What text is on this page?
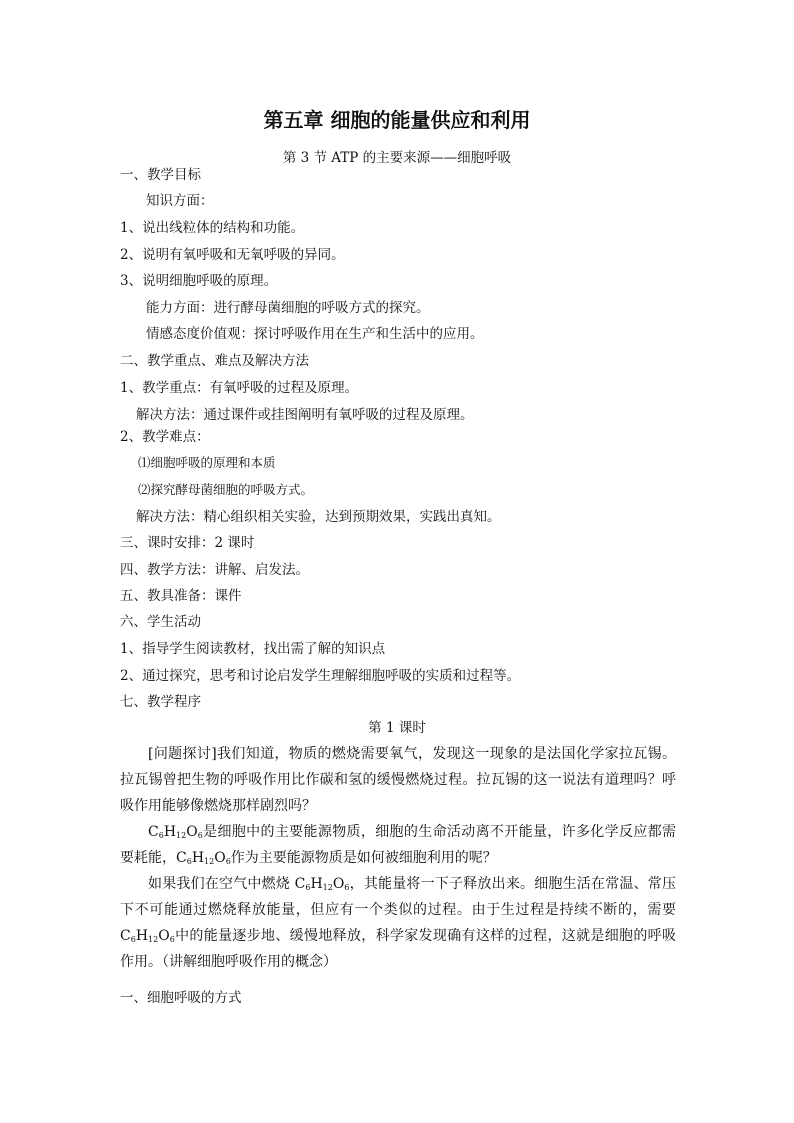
第五章 细胞的能量供应和利用
第 3 节 ATP 的主要来源——细胞呼吸
一、教学目标
知识方面：
1、说出线粒体的结构和功能。
2、说明有氧呼吸和无氧呼吸的异同。
3、说明细胞呼吸的原理。
能力方面：进行酵母菌细胞的呼吸方式的探究。
情感态度价值观：探讨呼吸作用在生产和生活中的应用。
二、教学重点、难点及解决方法
1、教学重点：有氧呼吸的过程及原理。
解决方法：通过课件或挂图阐明有氧呼吸的过程及原理。
2、教学难点：
⑴细胞呼吸的原理和本质
⑵探究酵母菌细胞的呼吸方式。
解决方法：精心组织相关实验，达到预期效果，实践出真知。
三、课时安排：2 课时
四、教学方法：讲解、启发法。
五、教具准备：课件
六、学生活动
1、指导学生阅读教材，找出需了解的知识点
2、通过探究，思考和讨论启发学生理解细胞呼吸的实质和过程等。
七、教学程序
第 1 课时

[问题探讨]我们知道，物质的燃烧需要氧气，发现这一现象的是法国化学家拉瓦锡。拉瓦锡曾把生物的呼吸作用比作碳和氢的缓慢燃烧过程。拉瓦锡的这一说法有道理吗？呼吸作用能够像燃烧那样剧烈吗？

$C_6H_{12}O_6$是细胞中的主要能源物质，细胞的生命活动离不开能量，许多化学反应都需要耗能，$C_6H_{12}O_6$作为主要能源物质是如何被细胞利用的呢？

如果我们在空气中燃烧 $C_6H_{12}O_6$，其能量将一下子释放出来。细胞生活在常温、常压下不可能通过燃烧释放能量，但应有一个类似的过程。由于生过程是持续不断的，需要 $C_6H_{12}O_6$中的能量逐步地、缓慢地释放，科学家发现确有这样的过程，这就是细胞的呼吸作用。（讲解细胞呼吸作用的概念）

一、细胞呼吸的方式
